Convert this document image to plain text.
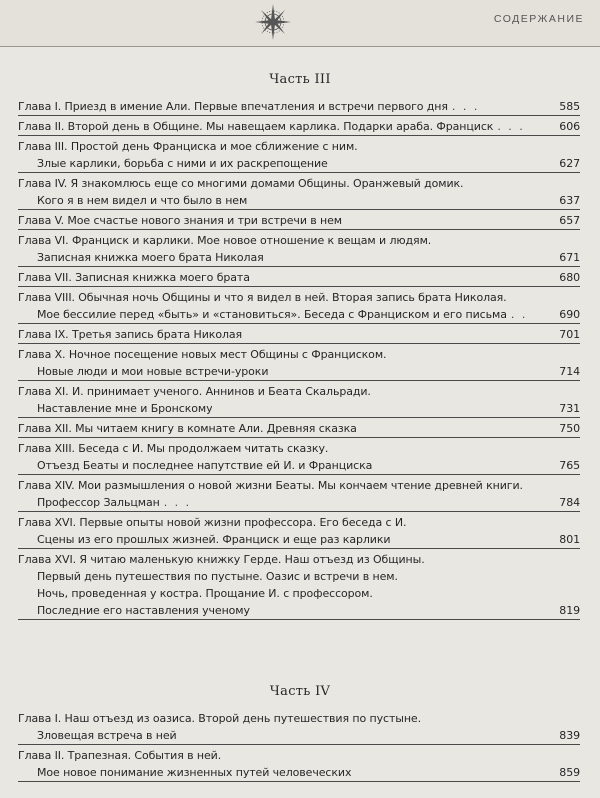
СОДЕРЖАНИЕ
Часть III
Глава I. Приезд в имение Али. Первые впечатления и встречи первого дня . . .	585
Глава II. Второй день в Общине. Мы навещаем карлика. Подарки араба. Франциск . . .	606
Глава III. Простой день Франциска и мое сближение с ним.
Злые карлики, борьба с ними и их раскрепощение	627
Глава IV. Я знакомлюсь еще со многими домами Общины. Оранжевый домик.
Кого я в нем видел и что было в нем	637
Глава V. Мое счастье нового знания и три встречи в нем	657
Глава VI. Франциск и карлики. Мое новое отношение к вещам и людям.
Записная книжка моего брата Николая	671
Глава VII. Записная книжка моего брата	680
Глава VIII. Обычная ночь Общины и что я видел в ней. Вторая запись брата Николая.
Мое бессилие перед «быть» и «становиться». Беседа с Франциском и его письма . .	690
Глава IX. Третья запись брата Николая	701
Глава X. Ночное посещение новых мест Общины с Франциском.
Новые люди и мои новые встречи-уроки	714
Глава XI. И. принимает ученого. Аннинов и Беата Скальради.
Наставление мне и Бронскому	731
Глава XII. Мы читаем книгу в комнате Али. Древняя сказка	750
Глава XIII. Беседа с И. Мы продолжаем читать сказку.
Отъезд Беаты и последнее напутствие ей И. и Франциска	765
Глава XIV. Мои размышления о новой жизни Беаты. Мы кончаем чтение древней книги.
Профессор Зальцман . . .	784
Глава XVI. Первые опыты новой жизни профессора. Его беседа с И.
Сцены из его прошлых жизней. Франциск и еще раз карлики	801
Глава XVI. Я читаю маленькую книжку Герде. Наш отъезд из Общины.
Первый день путешествия по пустыне. Оазис и встречи в нем.
Ночь, проведенная у костра. Прощание И. с профессором.
Последние его наставления ученому	819
Часть IV
Глава I. Наш отъезд из оазиса. Второй день путешествия по пустыне.
Зловещая встреча в ней	839
Глава II. Трапезная. События в ней.
Мое новое понимание жизненных путей человеческих	859
